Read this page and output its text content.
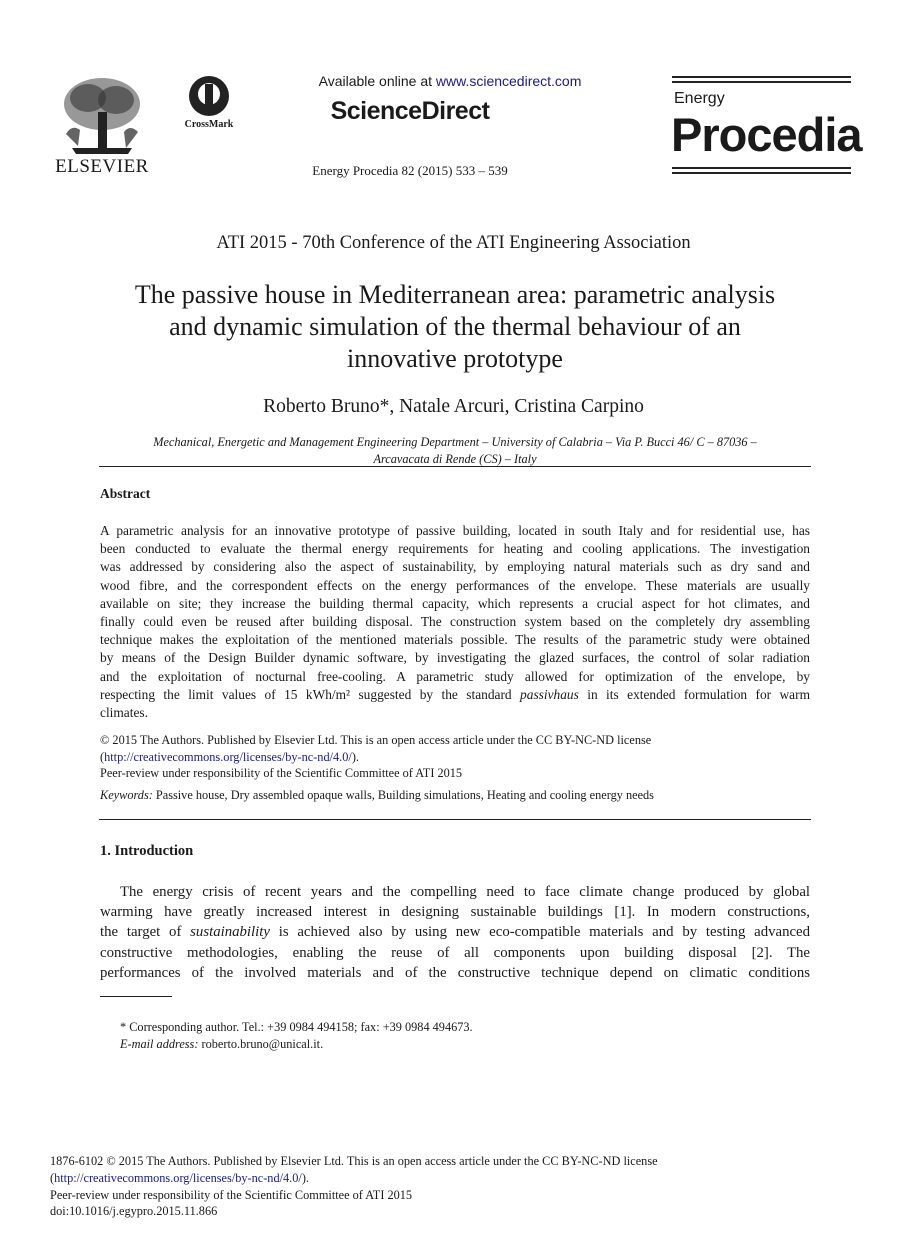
ELSEVIER
CrossMark
Available online at www.sciencedirect.com
ScienceDirect
Energy Procedia 82 (2015) 533 – 539
Energy
Procedia
ATI 2015 - 70th Conference of the ATI Engineering Association
The passive house in Mediterranean area: parametric analysis
and dynamic simulation of the thermal behaviour of an
innovative prototype
Roberto Bruno*, Natale Arcuri, Cristina Carpino
Mechanical, Energetic and Management Engineering Department – University of Calabria – Via P. Bucci 46/ C – 87036 –
Arcavacata di Rende (CS) – Italy
Abstract
A parametric analysis for an innovative prototype of passive building, located in south Italy and for residential use, has
been conducted to evaluate the thermal energy requirements for heating and cooling applications. The investigation
was addressed by considering also the aspect of sustainability, by employing natural materials such as dry sand and
wood fibre, and the correspondent effects on the energy performances of the envelope. These materials are usually
available on site; they increase the building thermal capacity, which represents a crucial aspect for hot climates, and
finally could even be reused after building disposal. The construction system based on the completely dry assembling
technique makes the exploitation of the mentioned materials possible. The results of the parametric study were obtained
by means of the Design Builder dynamic software, by investigating the glazed surfaces, the control of solar radiation
and the exploitation of nocturnal free-cooling. A parametric study allowed for optimization of the envelope, by
respecting the limit values of 15 kWh/m² suggested by the standard passivhaus in its extended formulation for warm
climates.
© 2015 The Authors. Published by Elsevier Ltd. This is an open access article under the CC BY-NC-ND license
(http://creativecommons.org/licenses/by-nc-nd/4.0/).
Peer-review under responsibility of the Scientific Committee of ATI 2015
Keywords: Passive house, Dry assembled opaque walls, Building simulations, Heating and cooling energy needs
1. Introduction
The energy crisis of recent years and the compelling need to face climate change produced by global
warming have greatly increased interest in designing sustainable buildings [1]. In modern constructions,
the target of sustainability is achieved also by using new eco-compatible materials and by testing advanced
constructive methodologies, enabling the reuse of all components upon building disposal [2]. The
performances of the involved materials and of the constructive technique depend on climatic conditions
* Corresponding author. Tel.: +39 0984 494158; fax: +39 0984 494673.
E-mail address: roberto.bruno@unical.it.
1876-6102 © 2015 The Authors. Published by Elsevier Ltd. This is an open access article under the CC BY-NC-ND license
(http://creativecommons.org/licenses/by-nc-nd/4.0/).
Peer-review under responsibility of the Scientific Committee of ATI 2015
doi:10.1016/j.egypro.2015.11.866
